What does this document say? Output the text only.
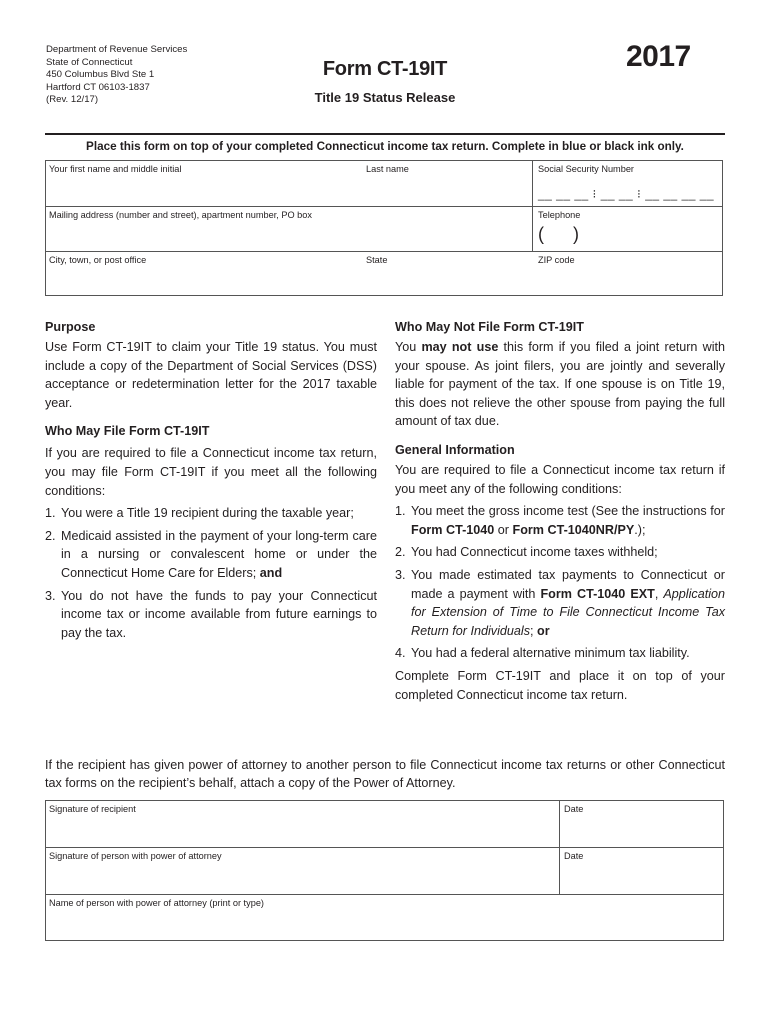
Department of Revenue Services
State of Connecticut
450 Columbus Blvd Ste 1
Hartford CT 06103-1837
(Rev. 12/17)
Form CT-19IT
Title 19 Status Release
2017
Place this form on top of your completed Connecticut income tax return. Complete in blue or black ink only.
Your first name and middle initial	Last name	Social Security Number
__ __ __ ⁝ __ __ ⁝ __ __ __ __
Mailing address (number and street), apartment number, PO box	Telephone
( )
City, town, or post office	State	ZIP code
Purpose

Use Form CT-19IT to claim your Title 19 status. You must include a copy of the Department of Social Services (DSS) acceptance or redetermination letter for the 2017 taxable year.

Who May File Form CT-19IT

If you are required to file a Connecticut income tax return, you may file Form CT-19IT if you meet all the following conditions:

1. You were a Title 19 recipient during the taxable year;
2. Medicaid assisted in the payment of your long-term care in a nursing or convalescent home or under the Connecticut Home Care for Elders; and
3. You do not have the funds to pay your Connecticut income tax or income available from future earnings to pay the tax.
Who May Not File Form CT-19IT

You may not use this form if you filed a joint return with your spouse. As joint filers, you are jointly and severally liable for payment of the tax. If one spouse is on Title 19, this does not relieve the other spouse from paying the full amount of tax due.

General Information

You are required to file a Connecticut income tax return if you meet any of the following conditions:

1. You meet the gross income test (See the instructions for Form CT-1040 or Form CT-1040NR/PY.);
2. You had Connecticut income taxes withheld;
3. You made estimated tax payments to Connecticut or made a payment with Form CT-1040 EXT, Application for Extension of Time to File Connecticut Income Tax Return for Individuals; or
4. You had a federal alternative minimum tax liability.

Complete Form CT-19IT and place it on top of your completed Connecticut income tax return.

If the recipient has given power of attorney to another person to file Connecticut income tax returns or other Connecticut tax forms on the recipient’s behalf, attach a copy of the Power of Attorney.
Signature of recipient	Date
Signature of person with power of attorney	Date
Name of person with power of attorney (print or type)
